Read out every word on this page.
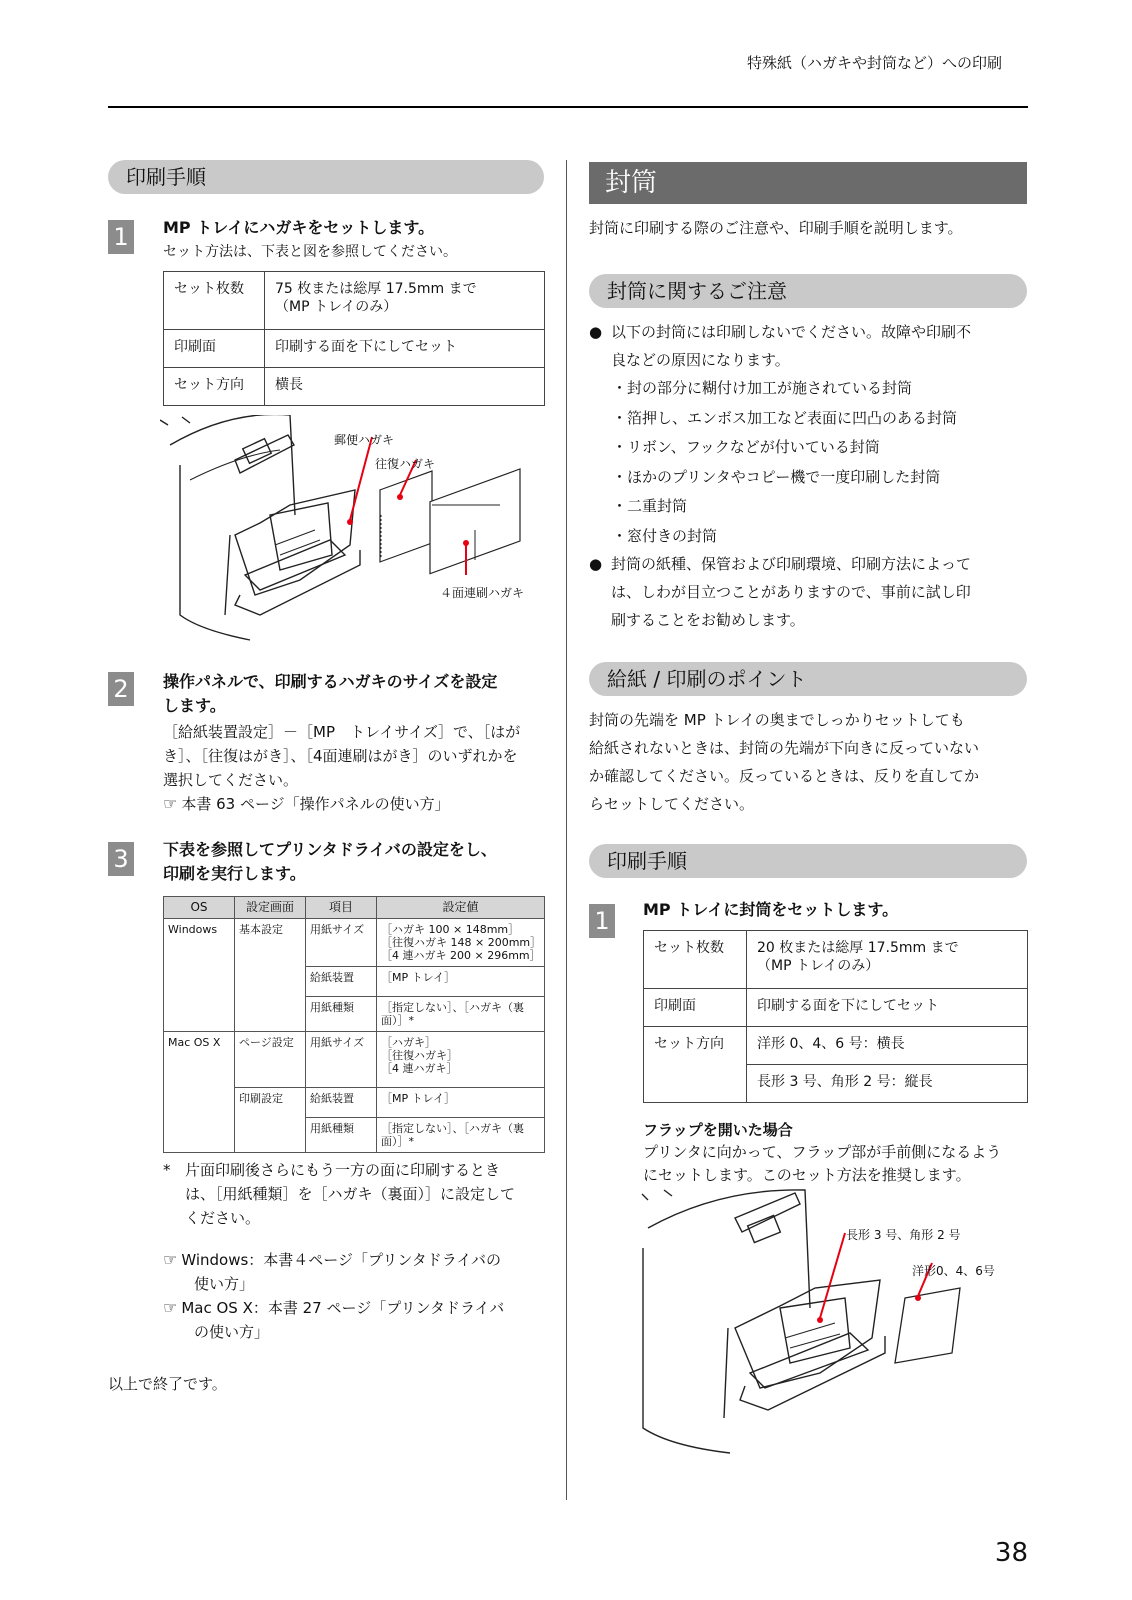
特殊紙（ハガキや封筒など）への印刷
印刷手順
1	MP トレイにハガキをセットします。
セット方法は、下表と図を参照してください。
セット枚数	75 枚または総厚 17.5mm まで
（MP トレイのみ）

印刷面	印刷する面を下にしてセット
セット方向	横長
郵便ハガキ
往復ハガキ
４面連刷ハガキ
2	操作パネルで、印刷するハガキのサイズを設定
します。
［給紙装置設定］－［MP　トレイサイズ］で、［はが
き］、［往復はがき］、［4面連刷はがき］のいずれかを
選択してください。
☞ 本書 63 ページ「操作パネルの使い方」
3	下表を参照してプリンタドライバの設定をし、
印刷を実行します。
OS	設定画面	項目	設定値
Windows	基本設定	用紙サイズ	［ハガキ 100 × 148mm］
［往復ハガキ 148 × 200mm］
［4 連ハガキ 200 × 296mm］

		給紙装置	［MP トレイ］
		用紙種類	［指定しない］、［ハガキ（裏面）］*
Mac OS X	ページ設定	用紙サイズ	［ハガキ］
［往復ハガキ］
［4 連ハガキ］

	印刷設定	給紙装置	［MP トレイ］
		用紙種類	［指定しない］、［ハガキ（裏面）］*
* 片面印刷後さらにもう一方の面に印刷するとき
は、［用紙種類］を［ハガキ（裏面）］に設定して
ください。
☞ Windows：本書４ページ「プリンタドライバの
使い方」
☞ Mac OS X：本書 27 ページ「プリンタドライバ
の使い方」
以上で終了です。
封筒
封筒に印刷する際のご注意や、印刷手順を説明します。
封筒に関するご注意
● 以下の封筒には印刷しないでください。故障や印刷不
良などの原因になります。
・封の部分に糊付け加工が施されている封筒
・箔押し、エンボス加工など表面に凹凸のある封筒
・リボン、フックなどが付いている封筒
・ほかのプリンタやコピー機で一度印刷した封筒
・二重封筒
・窓付きの封筒
● 封筒の紙種、保管および印刷環境、印刷方法によって
は、しわが目立つことがありますので、事前に試し印
刷することをお勧めします。
給紙 / 印刷のポイント
封筒の先端を MP トレイの奥までしっかりセットしても
給紙されないときは、封筒の先端が下向きに反っていない
か確認してください。反っているときは、反りを直してか
らセットしてください。
印刷手順
1	MP トレイに封筒をセットします。
セット枚数	20 枚または総厚 17.5mm まで
（MP トレイのみ）

印刷面	印刷する面を下にしてセット
セット方向	洋形 0、4、6 号：横長
	長形 3 号、角形 2 号：縦長
フラップを開いた場合
プリンタに向かって、フラップ部が手前側になるよう
にセットします。このセット方法を推奨します。
長形 3 号、角形 2 号
洋形0、4、6号
38
